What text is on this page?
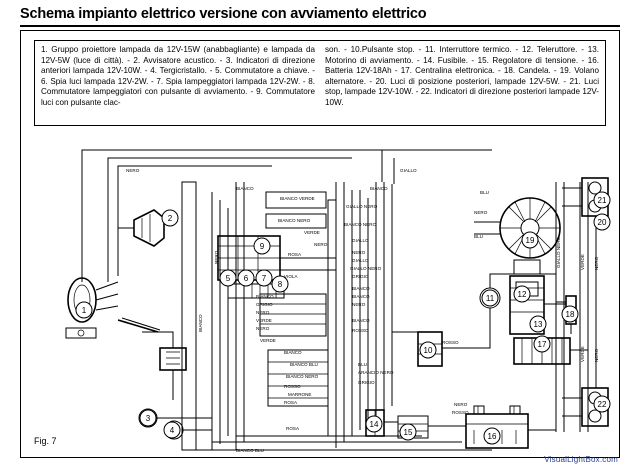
Schema impianto elettrico versione con avviamento elettrico
1. Gruppo proiettore lampada da 12V-15W (anabbagliante) e lampada da 12V-5W (luce di città). - 2. Avvisatore acustico. - 3. Indicatori di direzione anteriori lampada 12V-10W. - 4. Tergicristallo. - 5. Commutatore a chiave. - 6. Spia luci lampada 12V-2W. - 7. Spia lampeggiatori lampada 12V-2W. - 8. Commutatore lampeggiatori con pulsante di avviamento. - 9. Commutatore luci con pulsante clac-
son. - 10.Pulsante stop. - 11. Interruttore termico. - 12. Teleruttore. - 13. Motorino di avviamento. - 14. Fusibile. - 15. Regolatore di tensione. - 16. Batteria 12V-18Ah - 17. Centralina elettronica. - 18. Candela. - 19. Volano alternatore. - 20. Luci di posizione posteriori, lampade 12V-5W. - 21. Luci stop, lampade 12V-10W. - 22. Indicatori di direzione posteriori lampade 12V-10W.
Fig. 7
VisualLightBox.com
1
2
3
4
5 6 7
8
9
10
11	12
13
14
15	16
17
18
19
20
21
22
NERO	GIALLO
BIANCO	BIANCO
BIANCO VERDE
GIALLO NERO
BLU
NERO
BIANCO NERO
BIANCO NERO
VERDE
BLU
NERO
GIALLO
ROSA	NERO
GIALLO
VIOLA
GIALLO NERO
GRIGIO
BIANCO
BIANCO
BIANCO
GRIGIO
NERO
VERDE
NERO
NERO
BIANCO
ROSSO
ROSSO
VERDE
BIANCO
BIANCO BLU	BLU
ARANCIO NERO
BIANCO NERO
GRIGIO
ROSSO
MARRONE
ROSA
ROSA
NERO
ROSSO
BIANCO BLU
BIANCO
NERO	GIALLO NERO	VERDE NERO
VERDE NERO
